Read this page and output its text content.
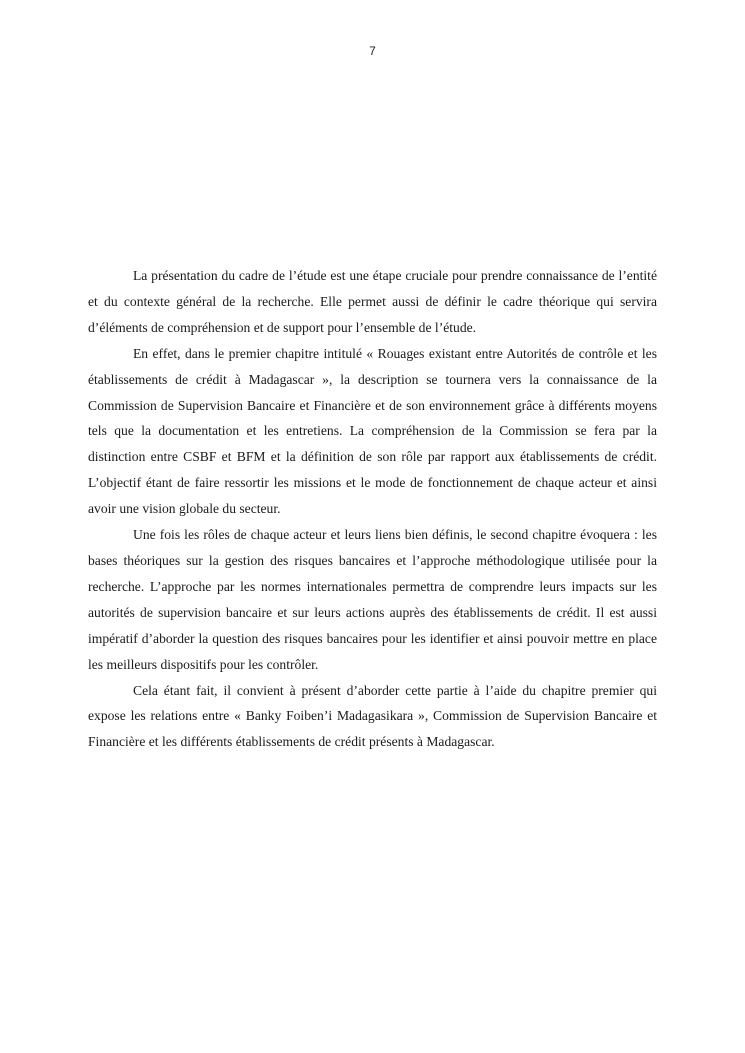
7

La présentation du cadre de l’étude est une étape cruciale pour prendre connaissance de l’entité et du contexte général de la recherche. Elle permet aussi de définir le cadre théorique qui servira d’éléments de compréhension et de support pour l’ensemble de l’étude.

En effet, dans le premier chapitre intitulé « Rouages existant entre Autorités de contrôle et les établissements de crédit à Madagascar », la description se tournera vers la connaissance de la Commission de Supervision Bancaire et Financière et de son environnement grâce à différents moyens tels que la documentation et les entretiens. La compréhension de la Commission se fera par la distinction entre CSBF et BFM et la définition de son rôle par rapport aux établissements de crédit. L’objectif étant de faire ressortir les missions et le mode de fonctionnement de chaque acteur et ainsi avoir une vision globale du secteur.

Une fois les rôles de chaque acteur et leurs liens bien définis, le second chapitre évoquera : les bases théoriques sur la gestion des risques bancaires et l’approche méthodologique utilisée pour la recherche. L’approche par les normes internationales permettra de comprendre leurs impacts sur les autorités de supervision bancaire et sur leurs actions auprès des établissements de crédit. Il est aussi impératif d’aborder la question des risques bancaires pour les identifier et ainsi pouvoir mettre en place les meilleurs dispositifs pour les contrôler.

Cela étant fait, il convient à présent d’aborder cette partie à l’aide du chapitre premier qui expose les relations entre « Banky Foiben’i Madagasikara », Commission de Supervision Bancaire et Financière et les différents établissements de crédit présents à Madagascar.
